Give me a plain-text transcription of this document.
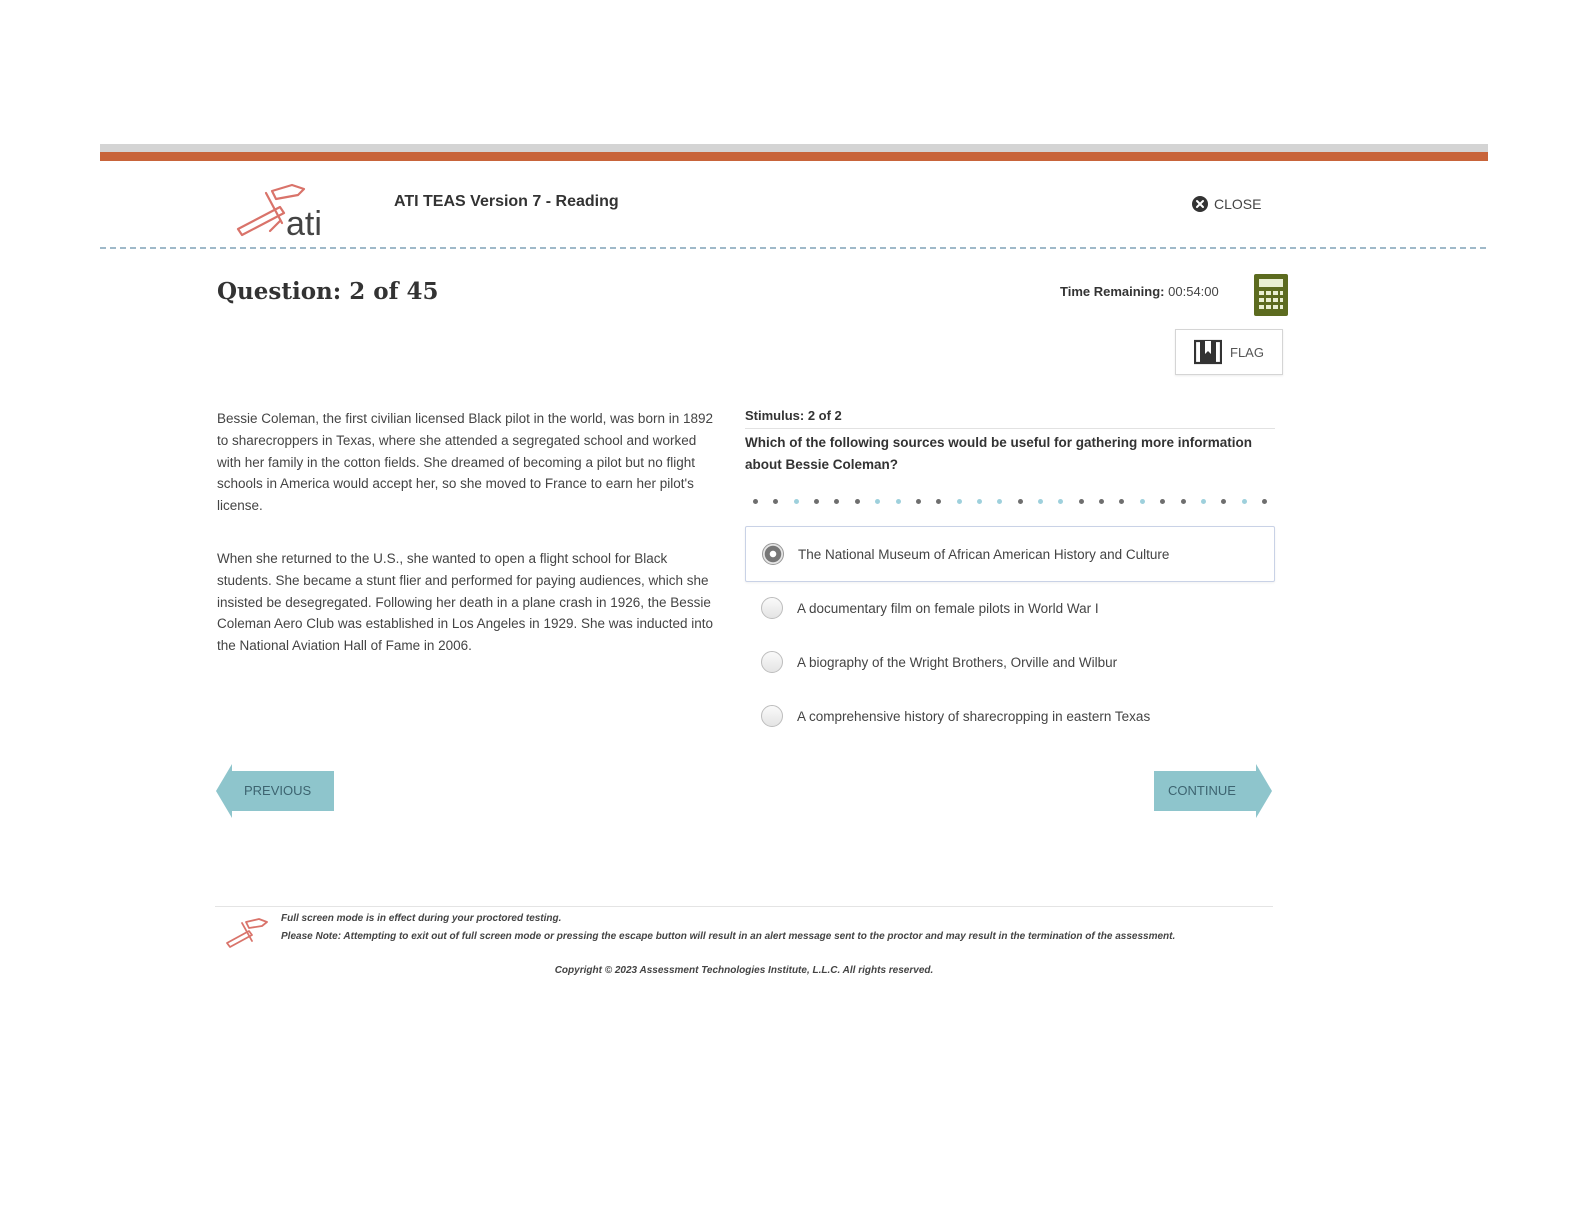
ati
ATI TEAS Version 7 - Reading	CLOSE
Question: 2 of 45	Time Remaining: 00:54:00
FLAG

Bessie Coleman, the first civilian licensed Black pilot in the world, was born in 1892 to sharecroppers in Texas, where she attended a segregated school and worked with her family in the cotton fields. She dreamed of becoming a pilot but no flight schools in America would accept her, so she moved to France to earn her pilot's license.

When she returned to the U.S., she wanted to open a flight school for Black students. She became a stunt flier and performed for paying audiences, which she insisted be desegregated. Following her death in a plane crash in 1926, the Bessie Coleman Aero Club was established in Los Angeles in 1929. She was inducted into the National Aviation Hall of Fame in 2006.

Stimulus: 2 of 2
Which of the following sources would be useful for gathering more information about Bessie Coleman?
The National Museum of African American History and Culture
A documentary film on female pilots in World War I
A biography of the Wright Brothers, Orville and Wilbur
A comprehensive history of sharecropping in eastern Texas
PREVIOUS	CONTINUE
Full screen mode is in effect during your proctored testing.
Please Note: Attempting to exit out of full screen mode or pressing the escape button will result in an alert message sent to the proctor and may result in the termination of the assessment.
Copyright © 2023 Assessment Technologies Institute, L.L.C. All rights reserved.
